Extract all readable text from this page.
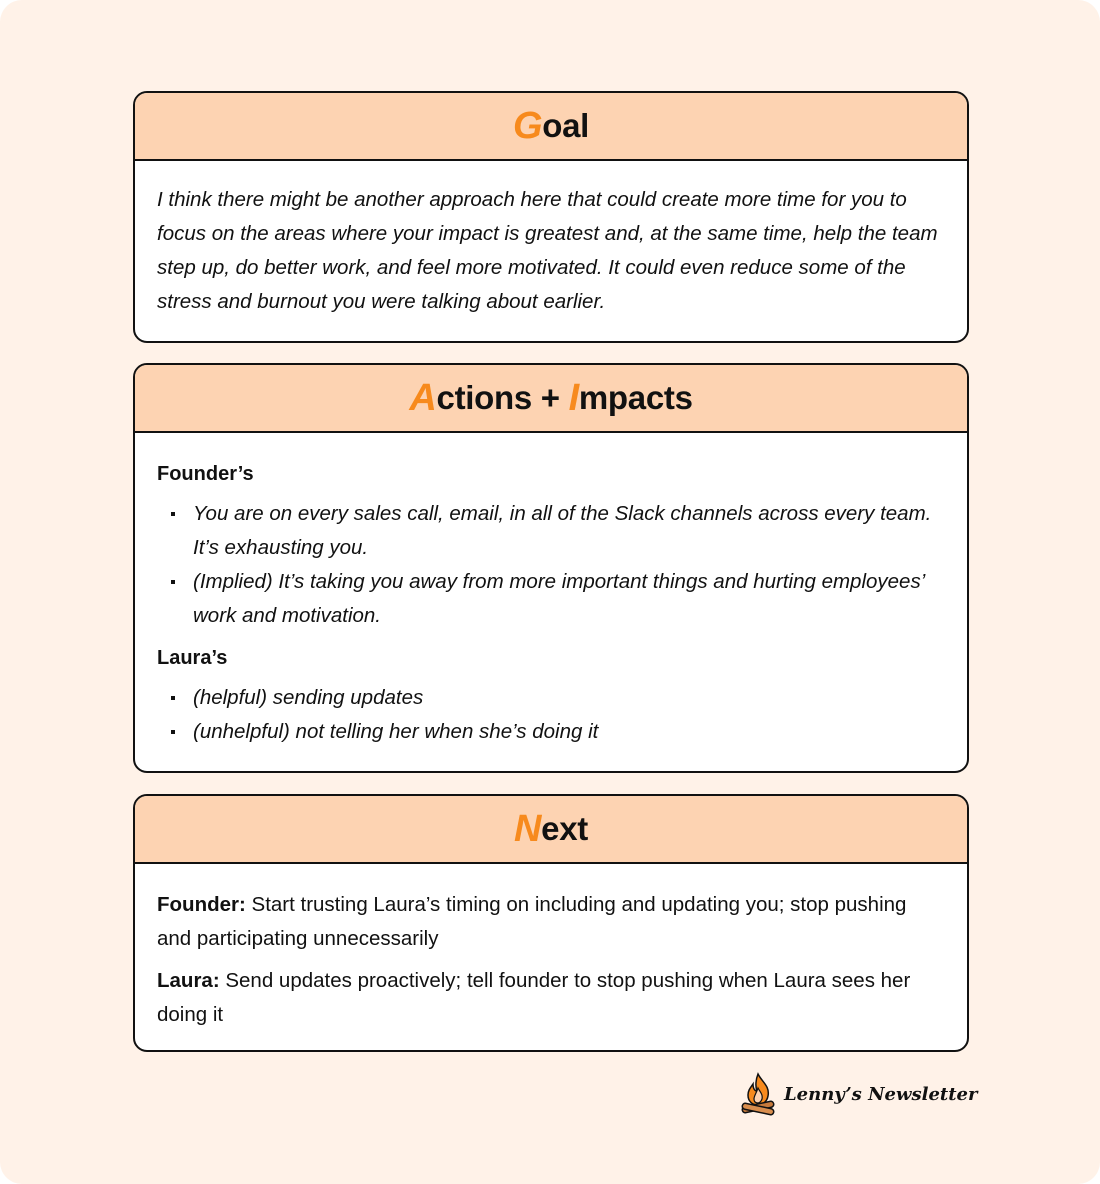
G oal
I think there might be another approach here that could create more time for you to focus on the areas where your impact is greatest and, at the same time, help the team step up, do better work, and feel more motivated. It could even reduce some of the stress and burnout you were talking about earlier.
A ctions + I mpacts

Founder’s

You are on every sales call, email, in all of the Slack channels across every team. It’s exhausting you.
(Implied) It’s taking you away from more important things and hurting employees’ work and motivation.

Laura’s

(helpful) sending updates
(unhelpful) not telling her when she’s doing it
N ext

Founder: Start trusting Laura’s timing on including and updating you; stop pushing and participating unnecessarily

Laura: Send updates proactively; tell founder to stop pushing when Laura sees her doing it

Lenny’s Newsletter
